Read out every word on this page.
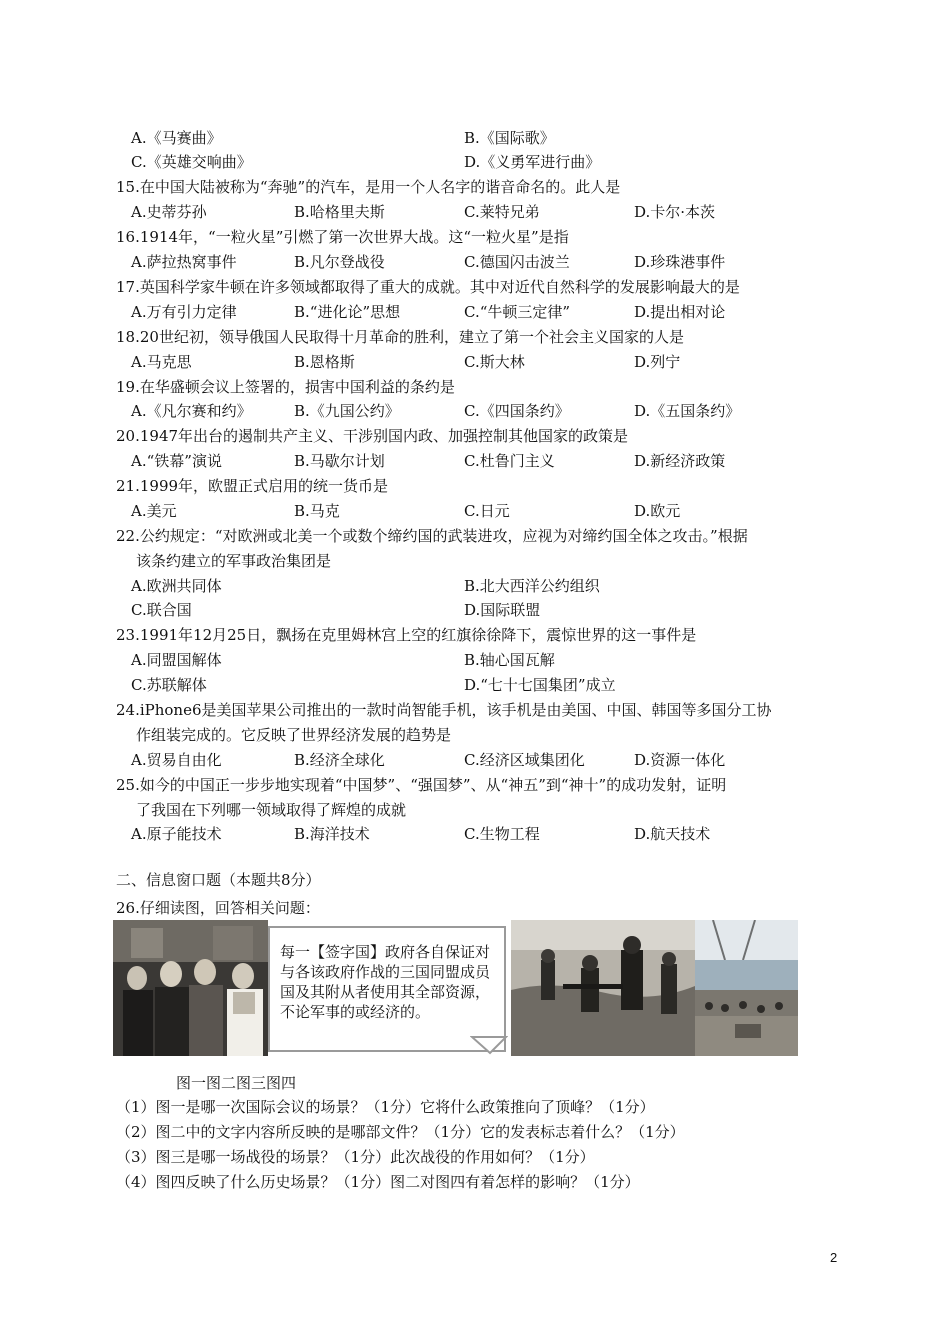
A.《马赛曲》	B.《国际歌》
C.《英雄交响曲》	D.《义勇军进行曲》
15.在中国大陆被称为“奔驰”的汽车，是用一个人名字的谐音命名的。此人是
A.史蒂芬孙	B.哈格里夫斯	C.莱特兄弟	D.卡尔·本茨
16.1914年，“一粒火星”引燃了第一次世界大战。这“一粒火星”是指
A.萨拉热窝事件	B.凡尔登战役	C.德国闪击波兰	D.珍珠港事件
17.英国科学家牛顿在许多领域都取得了重大的成就。其中对近代自然科学的发展影响最大的是
A.万有引力定律	B.“进化论”思想	C.“牛顿三定律”	D.提出相对论
18.20世纪初，领导俄国人民取得十月革命的胜利，建立了第一个社会主义国家的人是
A.马克思	B.恩格斯	C.斯大林	D.列宁
19.在华盛顿会议上签署的，损害中国利益的条约是
A.《凡尔赛和约》	B.《九国公约》	C.《四国条约》	D.《五国条约》
20.1947年出台的遏制共产主义、干涉别国内政、加强控制其他国家的政策是
A.“铁幕”演说	B.马歇尔计划	C.杜鲁门主义	D.新经济政策
21.1999年，欧盟正式启用的统一货币是
A.美元	B.马克	C.日元	D.欧元
22.公约规定：“对欧洲或北美一个或数个缔约国的武装进攻，应视为对缔约国全体之攻击。”根据
该条约建立的军事政治集团是
A.欧洲共同体	B.北大西洋公约组织
C.联合国	D.国际联盟
23.1991年12月25日，飘扬在克里姆林宫上空的红旗徐徐降下，震惊世界的这一事件是
A.同盟国解体	B.轴心国瓦解
C.苏联解体	D.“七十七国集团”成立
24.iPhone6是美国苹果公司推出的一款时尚智能手机，该手机是由美国、中国、韩国等多国分工协
作组装完成的。它反映了世界经济发展的趋势是
A.贸易自由化	B.经济全球化	C.经济区域集团化	D.资源一体化
25.如今的中国正一步步地实现着“中国梦”、“强国梦”、从“神五”到“神十”的成功发射，证明
了我国在下列哪一领域取得了辉煌的成就
A.原子能技术	B.海洋技术	C.生物工程	D.航天技术
二、信息窗口题（本题共8分）
26.仔细读图，回答相关问题：
每一【签字国】政府各自保证对与各该政府作战的三国同盟成员国及其附从者使用其全部资源，不论军事的或经济的。
图一图二图三图四
（1）图一是哪一次国际会议的场景？（1分）它将什么政策推向了顶峰？（1分）
（2）图二中的文字内容所反映的是哪部文件？（1分）它的发表标志着什么？（1分）
（3）图三是哪一场战役的场景？（1分）此次战役的作用如何？（1分）
（4）图四反映了什么历史场景？（1分）图二对图四有着怎样的影响？（1分）
2
